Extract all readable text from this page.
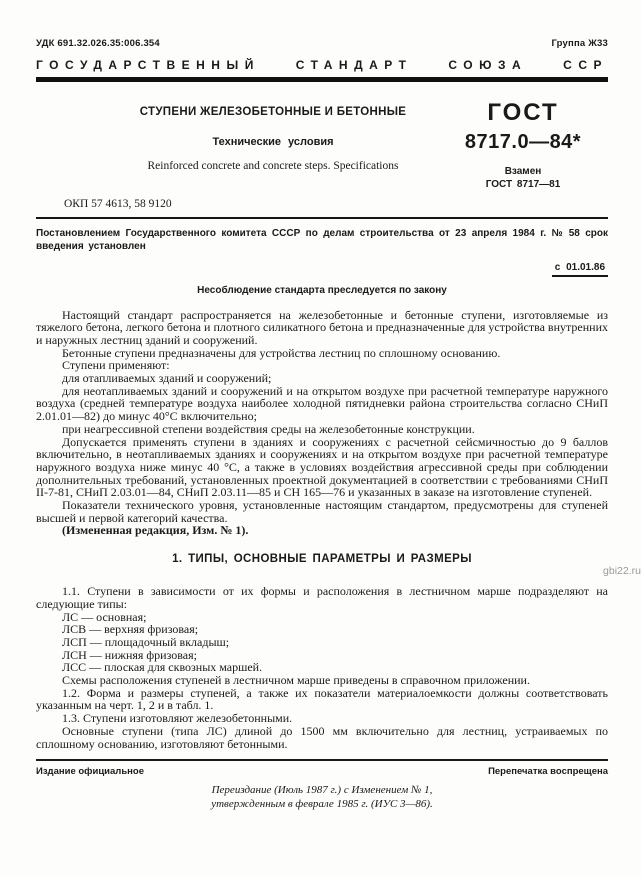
УДК 691.32.026.35:006.354	Группа Ж33
ГОСУДАРСТВЕННЫЙ СТАНДАРТ СОЮЗА ССР
СТУПЕНИ ЖЕЛЕЗОБЕТОННЫЕ И БЕТОННЫЕ
Технические условия
Reinforced concrete and concrete steps. Specifications
ГОСТ
8717.0—84*
Взамен
ГОСТ 8717—81
ОКП 57 4613, 58 9120

Постановлением Государственного комитета СССР по делам строительства от 23 апреля 1984 г. № 58 срок введения установлен

с 01.01.86

Несоблюдение стандарта преследуется по закону

Настоящий стандарт распространяется на железобетонные и бетонные ступени, изготовляемые из тяжелого бетона, легкого бетона и плотного силикатного бетона и предназначенные для устройства внутренних и наружных лестниц зданий и сооружений.

Бетонные ступени предназначены для устройства лестниц по сплошному основанию.

Ступени применяют:

для отапливаемых зданий и сооружений;

для неотапливаемых зданий и сооружений и на открытом воздухе при расчетной температуре наружного воздуха (средней температуре воздуха наиболее холодной пятидневки района строительства согласно СНиП 2.01.01—82) до минус 40°С включительно;

при неагрессивной степени воздействия среды на железобетонные конструкции.

Допускается применять ступени в зданиях и сооружениях с расчетной сейсмичностью до 9 баллов включительно, в неотапливаемых зданиях и сооружениях и на открытом воздухе при расчетной температуре наружного воздуха ниже минус 40 °С, а также в условиях воздействия агрессивной среды при соблюдении дополнительных требований, установленных проектной документацией в соответствии с требованиями СНиП II-7-81, СНиП 2.03.01—84, СНиП 2.03.11—85 и СН 165—76 и указанных в заказе на изготовление ступеней.

Показатели технического уровня, установленные настоящим стандартом, предусмотрены для ступеней высшей и первой категорий качества.

(Измененная редакция, Изм. № 1).

1. ТИПЫ, ОСНОВНЫЕ ПАРАМЕТРЫ И РАЗМЕРЫ

1.1. Ступени в зависимости от их формы и расположения в лестничном марше подразделяют на следующие типы:

ЛС — основная;

ЛСВ — верхняя фризовая;

ЛСП — площадочный вкладыш;

ЛСН — нижняя фризовая;

ЛСС — плоская для сквозных маршей.

Схемы расположения ступеней в лестничном марше приведены в справочном приложении.

1.2. Форма и размеры ступеней, а также их показатели материалоемкости должны соответствовать указанным на черт. 1, 2 и в табл. 1.

1.3. Ступени изготовляют железобетонными.

Основные ступени (типа ЛС) длиной до 1500 мм включительно для лестниц, устраиваемых по сплошному основанию, изготовляют бетонными.

Издание официальное	Перепечатка воспрещена
Переиздание (Июль 1987 г.) с Изменением № 1,
утвержденным в феврале 1985 г. (ИУС 3—86).
gbi22.ru
